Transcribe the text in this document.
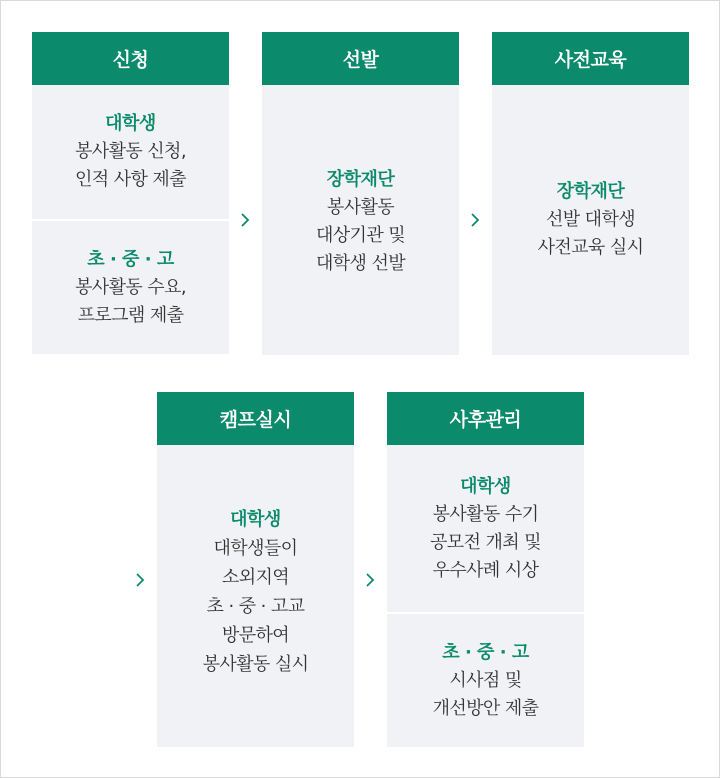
신청
대학생
봉사활동 신청,
인적 사항 제출
초 · 중 · 고
봉사활동 수요,
프로그램 제출
선발
장학재단
봉사활동
대상기관 및
대학생 선발
사전교육
장학재단
선발 대학생
사전교육 실시
캠프실시
대학생
대학생들이
소외지역
초 · 중 · 고교
방문하여
봉사활동 실시
사후관리
대학생
봉사활동 수기
공모전 개최 및
우수사례 시상
초 · 중 · 고
시사점 및
개선방안 제출
